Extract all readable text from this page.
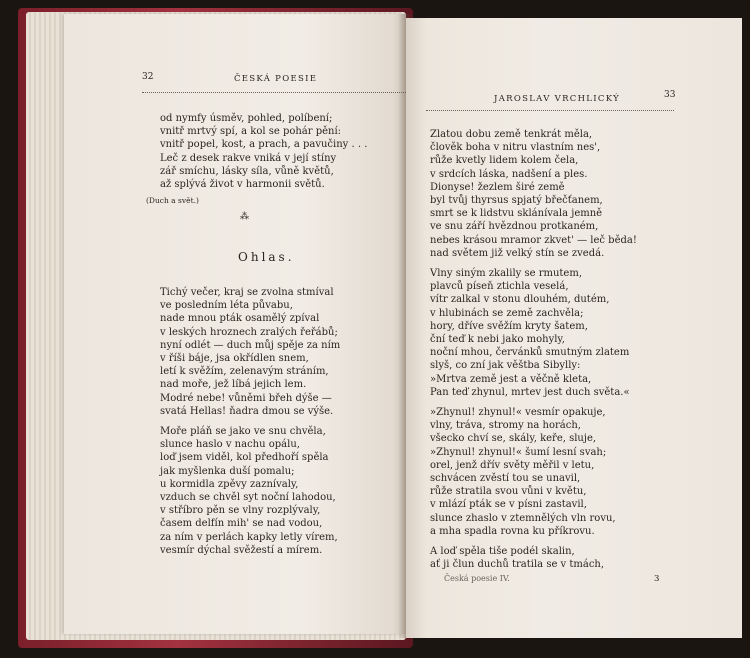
32	ČESKÁ POESIE
od nymfy úsměv, pohled, políbení;
vnitř mrtvý spí, a kol se pohár pění:
vnitř popel, kost, a prach, a pavučiny . . .
Leč z desek rakve vniká v její stíny
zář smíchu, lásky síla, vůně květů,
až splývá život v harmonii světů.
(Duch a svět.)
⁂
Ohlas.
Tichý večer, kraj se zvolna stmíval
ve posledním léta půvabu,
nade mnou pták osamělý zpíval
v leských hroznech zralých řeřábů;
nyní odlét — duch můj spěje za ním
v říši báje, jsa okřídlen snem,
letí k svěžím, zelenavým stráním,
nad moře, jež líbá jejich lem.
Modré nebe! vůněmi břeh dýše —
svatá Hellas! ňadra dmou se výše.
Moře pláň se jako ve snu chvěla,
slunce haslo v nachu opálu,
loď jsem viděl, kol předhoří spěla
jak myšlenka duší pomalu;
u kormidla zpěvy zaznívaly,
vzduch se chvěl syt noční lahodou,
v stříbro pěn se vlny rozplývaly,
časem delfín mih' se nad vodou,
za ním v perlách kapky letly vírem,
vesmír dýchal svěžestí a mírem.
JAROSLAV VRCHLICKÝ	33
Zlatou dobu země tenkrát měla,
člověk boha v nitru vlastním nes',
růže kvetly lidem kolem čela,
v srdcích láska, nadšení a ples.
Dionyse! žezlem širé země
byl tvůj thyrsus spjatý břečťanem,
smrt se k lidstvu sklánívala jemně
ve snu září hvězdnou protkaném,
nebes krásou mramor zkvet' — leč běda!
nad světem již velký stín se zvedá.
Vlny siným zkalily se rmutem,
plavců píseň ztichla veselá,
vítr zalkal v stonu dlouhém, dutém,
v hlubinách se země zachvěla;
hory, dříve svěžím kryty šatem,
ční teď k nebi jako mohyly,
noční mhou, červánků smutným zlatem
slyš, co zní jak věštba Sibylly:
»Mrtva země jest a věčně kleta,
Pan teď zhynul, mrtev jest duch světa.«
»Zhynul! zhynul!« vesmír opakuje,
vlny, tráva, stromy na horách,
všecko chví se, skály, keře, sluje,
»Zhynul! zhynul!« šumí lesní svah;
orel, jenž dřív světy měřil v letu,
schvácen zvěstí tou se unavil,
růže stratila svou vůni v květu,
v mlází pták se v písni zastavil,
slunce zhaslo v ztemnělých vln rovu,
a mha spadla rovna ku příkrovu.
A loď spěla tiše podél skalin,
ať ji člun duchů tratila se v tmách,
Česká poesie IV.	3
